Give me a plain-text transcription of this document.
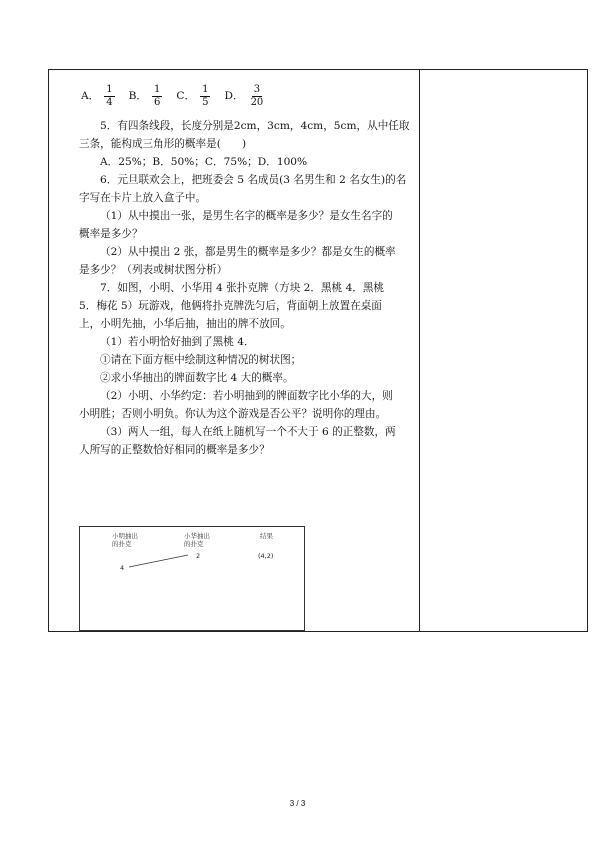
A． $\frac{1}{4}$ B． $\frac{1}{6}$ C． $\frac{1}{5}$ D． $\frac{3}{20}$
5．有四条线段，长度分别是2cm，3cm，4cm，5cm，从中任取
三条，能构成三角形的概率是(　　)
A．25%；B．50%；C．75%；D．100%
6．元旦联欢会上，把班委会 5 名成员(3 名男生和 2 名女生)的名
字写在卡片上放入盒子中。
（1）从中摸出一张，是男生名字的概率是多少？是女生名字的
概率是多少？
（2）从中摸出 2 张，都是男生的概率是多少？都是女生的概率
是多少？（列表或树状图分析）
7．如图，小明、小华用 4 张扑克牌（方块 2．黑桃 4．黑桃
5．梅花 5）玩游戏，他俩将扑克牌洗匀后，背面朝上放置在桌面
上，小明先抽，小华后抽，抽出的牌不放回。
（1）若小明恰好抽到了黑桃 4．
①请在下面方框中绘制这种情况的树状图；
②求小华抽出的牌面数字比 4 大的概率。
（2）小明、小华约定：若小明抽到的牌面数字比小华的大，则
小明胜；否则小明负。你认为这个游戏是否公平？说明你的理由。
（3）两人一组，每人在纸上随机写一个不大于 6 的正整数，两
人所写的正整数恰好相同的概率是多少？
小明抽出
的扑克
小华抽出
的扑克
结果
4
2	(4,2)
3 / 3
